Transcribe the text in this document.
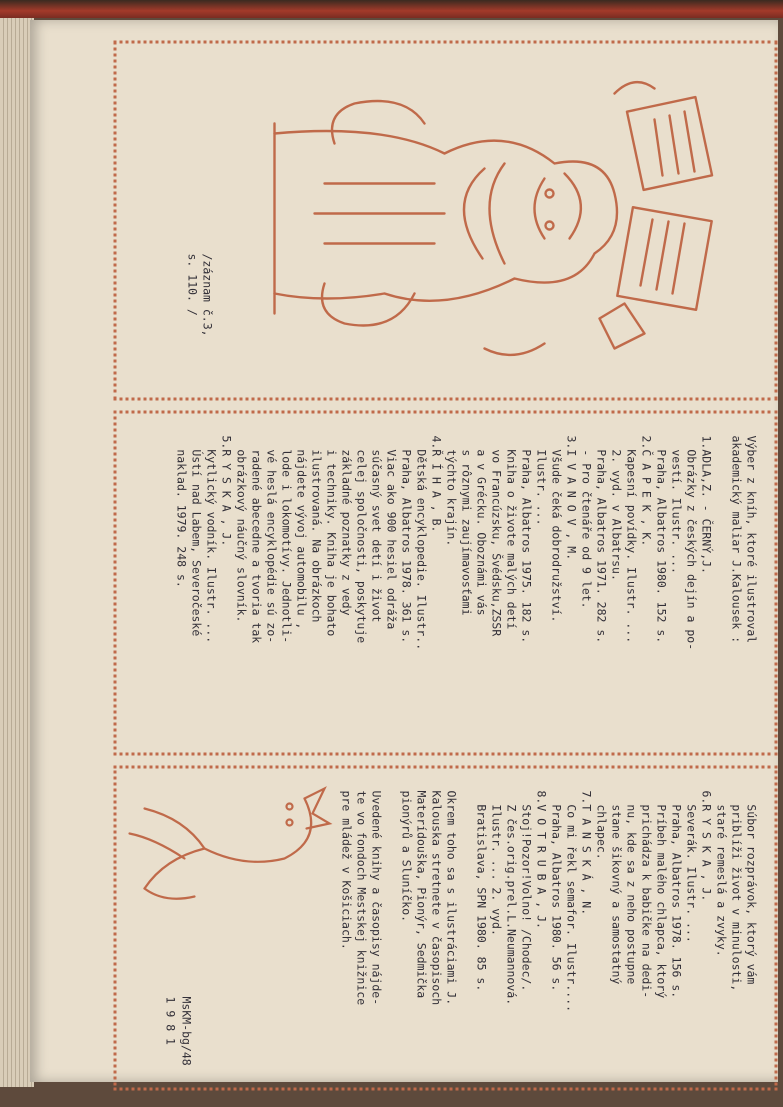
/záznam č.3,
s. 110. /
Výber z kníh, ktoré ilustroval
akademický maliar J.Kalousek :

1.ADLA,Z. - ČERNÝ,J.
Obrázky z českých dejín a po-
vestí. Ilustr. ...
Praha, Albatros 1980. 152 s.
2.Č A P E K , K.
Kapesní povídky. Ilustr. ...
2. vyd. v Albatrsu.
Praha, Albatros 1971. 282 s.
- Pro čtenáře od 9 let.
3.I V A N O V , M.
Všude čeká dobrodružství.
Ilustr. ...
Praha, Albatros 1975. 182 s.
Kniha o živote malých detí
vo Francúzsku, Švédsku,ZSSR
a v Grécku. Oboznámi vás
s rôznymi zaujímavosťami
týchto krajín.
4.Ř Í H A , B.
Dětská encyklopedie. Ilustr..
Praha, Albatros 1978. 361 s.
Viac ako 900 hesiel odráža
súčasný svet detí i život
celej spoločnosti, poskytuje
základné poznatky z vedy
i techniky. Kniha je bohato
ilustrovaná. Na obrázkoch
nájdete vývoj automobilu ,
lode i lokomotívy. Jednotli-
vé heslá encyklopédie sú zo-
radené abecedne a tvoria tak
obrázkový náučný slovník.
5.R Y S K A , J.
Kytlický vodník. Ilustr. ...
Ústí nad Labem, Severočeské
naklad. 1979. 248 s.
Súbor rozprávok, ktorý vám
priblíži život v minulosti,
staré remeslá a zvyky.
6.R Y S K A , J.
Severák. Ilustr. ...
Praha, Albatros 1978. 156 s.
Príbeh malého chlapca, ktorý
prichádza k babičke na dedi-
nu, kde sa z neho postupne
stane šikovný a samostatný
chlapec.
7.T A N S K Á , N.
Co mi řekl semafor. Ilustr....
Praha, Albatros 1980. 56 s.
8.V O T R U B A , J.
Stoj!Pozor!Volno! /Chodec/.
Z čes.orig.prel.L.Neumannová.
Ilustr. ... 2. vyd.
Bratislava, SPN 1980. 85 s.

Okrem toho sa s ilustráciami J.
Kalouska stretnete v časopisoch
Materídouška, Pionýr, Sedmička
pionýrů a Sluníčko.

Uvedené knihy a časopisy nájde-
te vo fondoch Mestskej knižnice
pre mládež v Košiciach.
MsKM-bg/48
1 9 8 1
